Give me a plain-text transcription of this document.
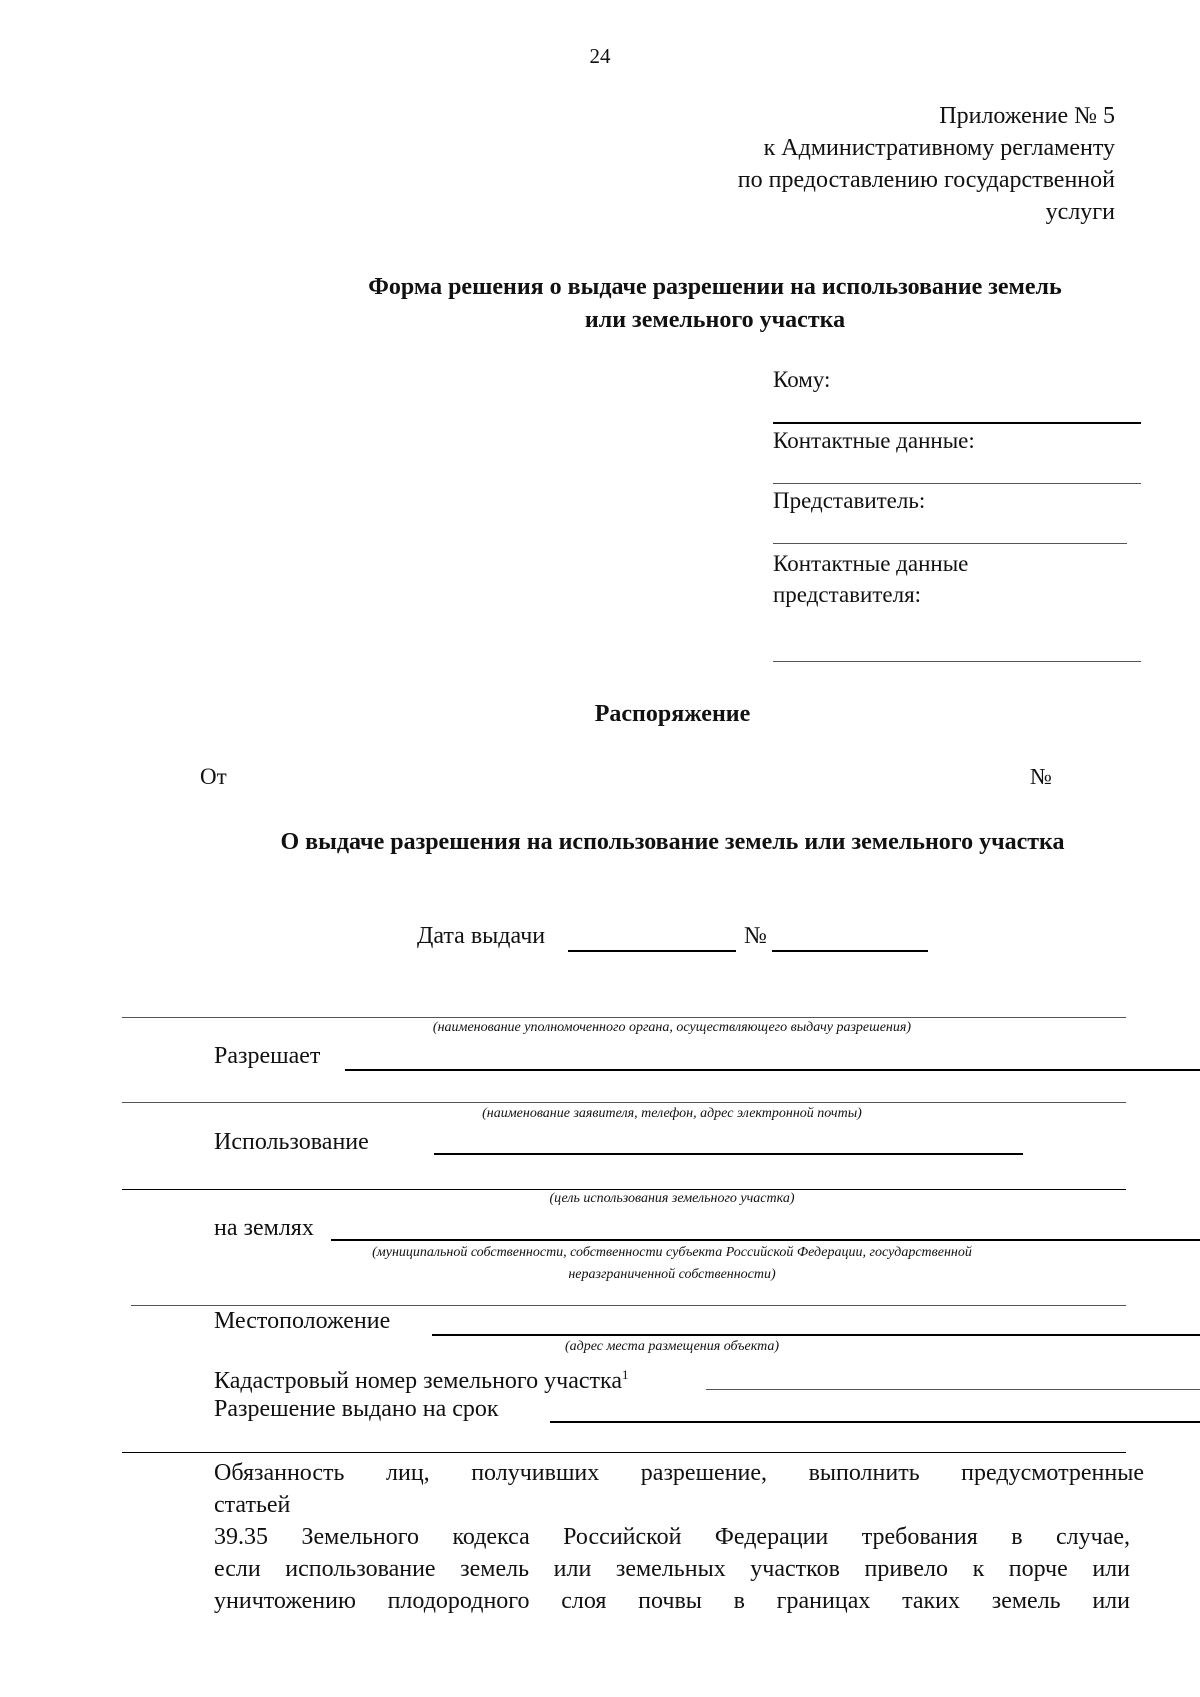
24
Приложение № 5
к Административному регламенту
по предоставлению государственной
услуги
Форма решения о выдаче разрешении на использование земель
или земельного участка
Кому:
Контактные данные:
Представитель:
Контактные данные
представителя:
Распоряжение
От	№
О выдаче разрешения на использование земель или земельного участка
Дата выдачи	№
(наименование уполномоченного органа, осуществляющего выдачу разрешения)
Разрешает
(наименование заявителя, телефон, адрес электронной почты)
Использование
(цель использования земельного участка)
на землях
(муниципальной собственности, собственности субъекта Российской Федерации, государственной
неразграниченной собственности)
Местоположение
(адрес места размещения объекта)
Кадастровый номер земельного участка$^1$
Разрешение выдано на срок
Обязанность лиц, получивших разрешение, выполнить предусмотренные
статьей
39.35 Земельного кодекса Российской Федерации требования в случае,
если использование земель или земельных участков привело к порче или
уничтожению плодородного слоя почвы в границах таких земель или
